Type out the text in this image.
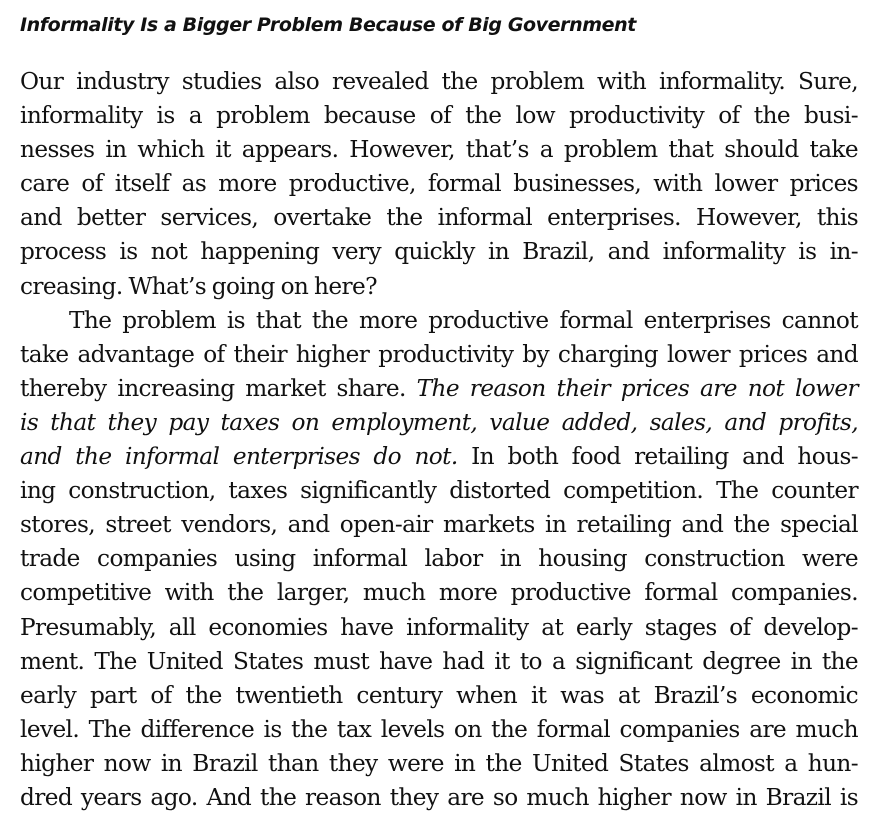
Informality Is a Bigger Problem Because of Big Government
Our industry studies also revealed the problem with informality. Sure,
informality is a problem because of the low productivity of the busi-
nesses in which it appears. However, that’s a problem that should take
care of itself as more productive, formal businesses, with lower prices
and better services, overtake the informal enterprises. However, this
process is not happening very quickly in Brazil, and informality is in-
creasing. What’s going on here?
The problem is that the more productive formal enterprises cannot
take advantage of their higher productivity by charging lower prices and
thereby increasing market share. The reason their prices are not lower
is that they pay taxes on employment, value added, sales, and profits,
and the informal enterprises do not. In both food retailing and hous-
ing construction, taxes significantly distorted competition. The counter
stores, street vendors, and open-air markets in retailing and the special
trade companies using informal labor in housing construction were
competitive with the larger, much more productive formal companies.
Presumably, all economies have informality at early stages of develop-
ment. The United States must have had it to a significant degree in the
early part of the twentieth century when it was at Brazil’s economic
level. The difference is the tax levels on the formal companies are much
higher now in Brazil than they were in the United States almost a hun-
dred years ago. And the reason they are so much higher now in Brazil is
